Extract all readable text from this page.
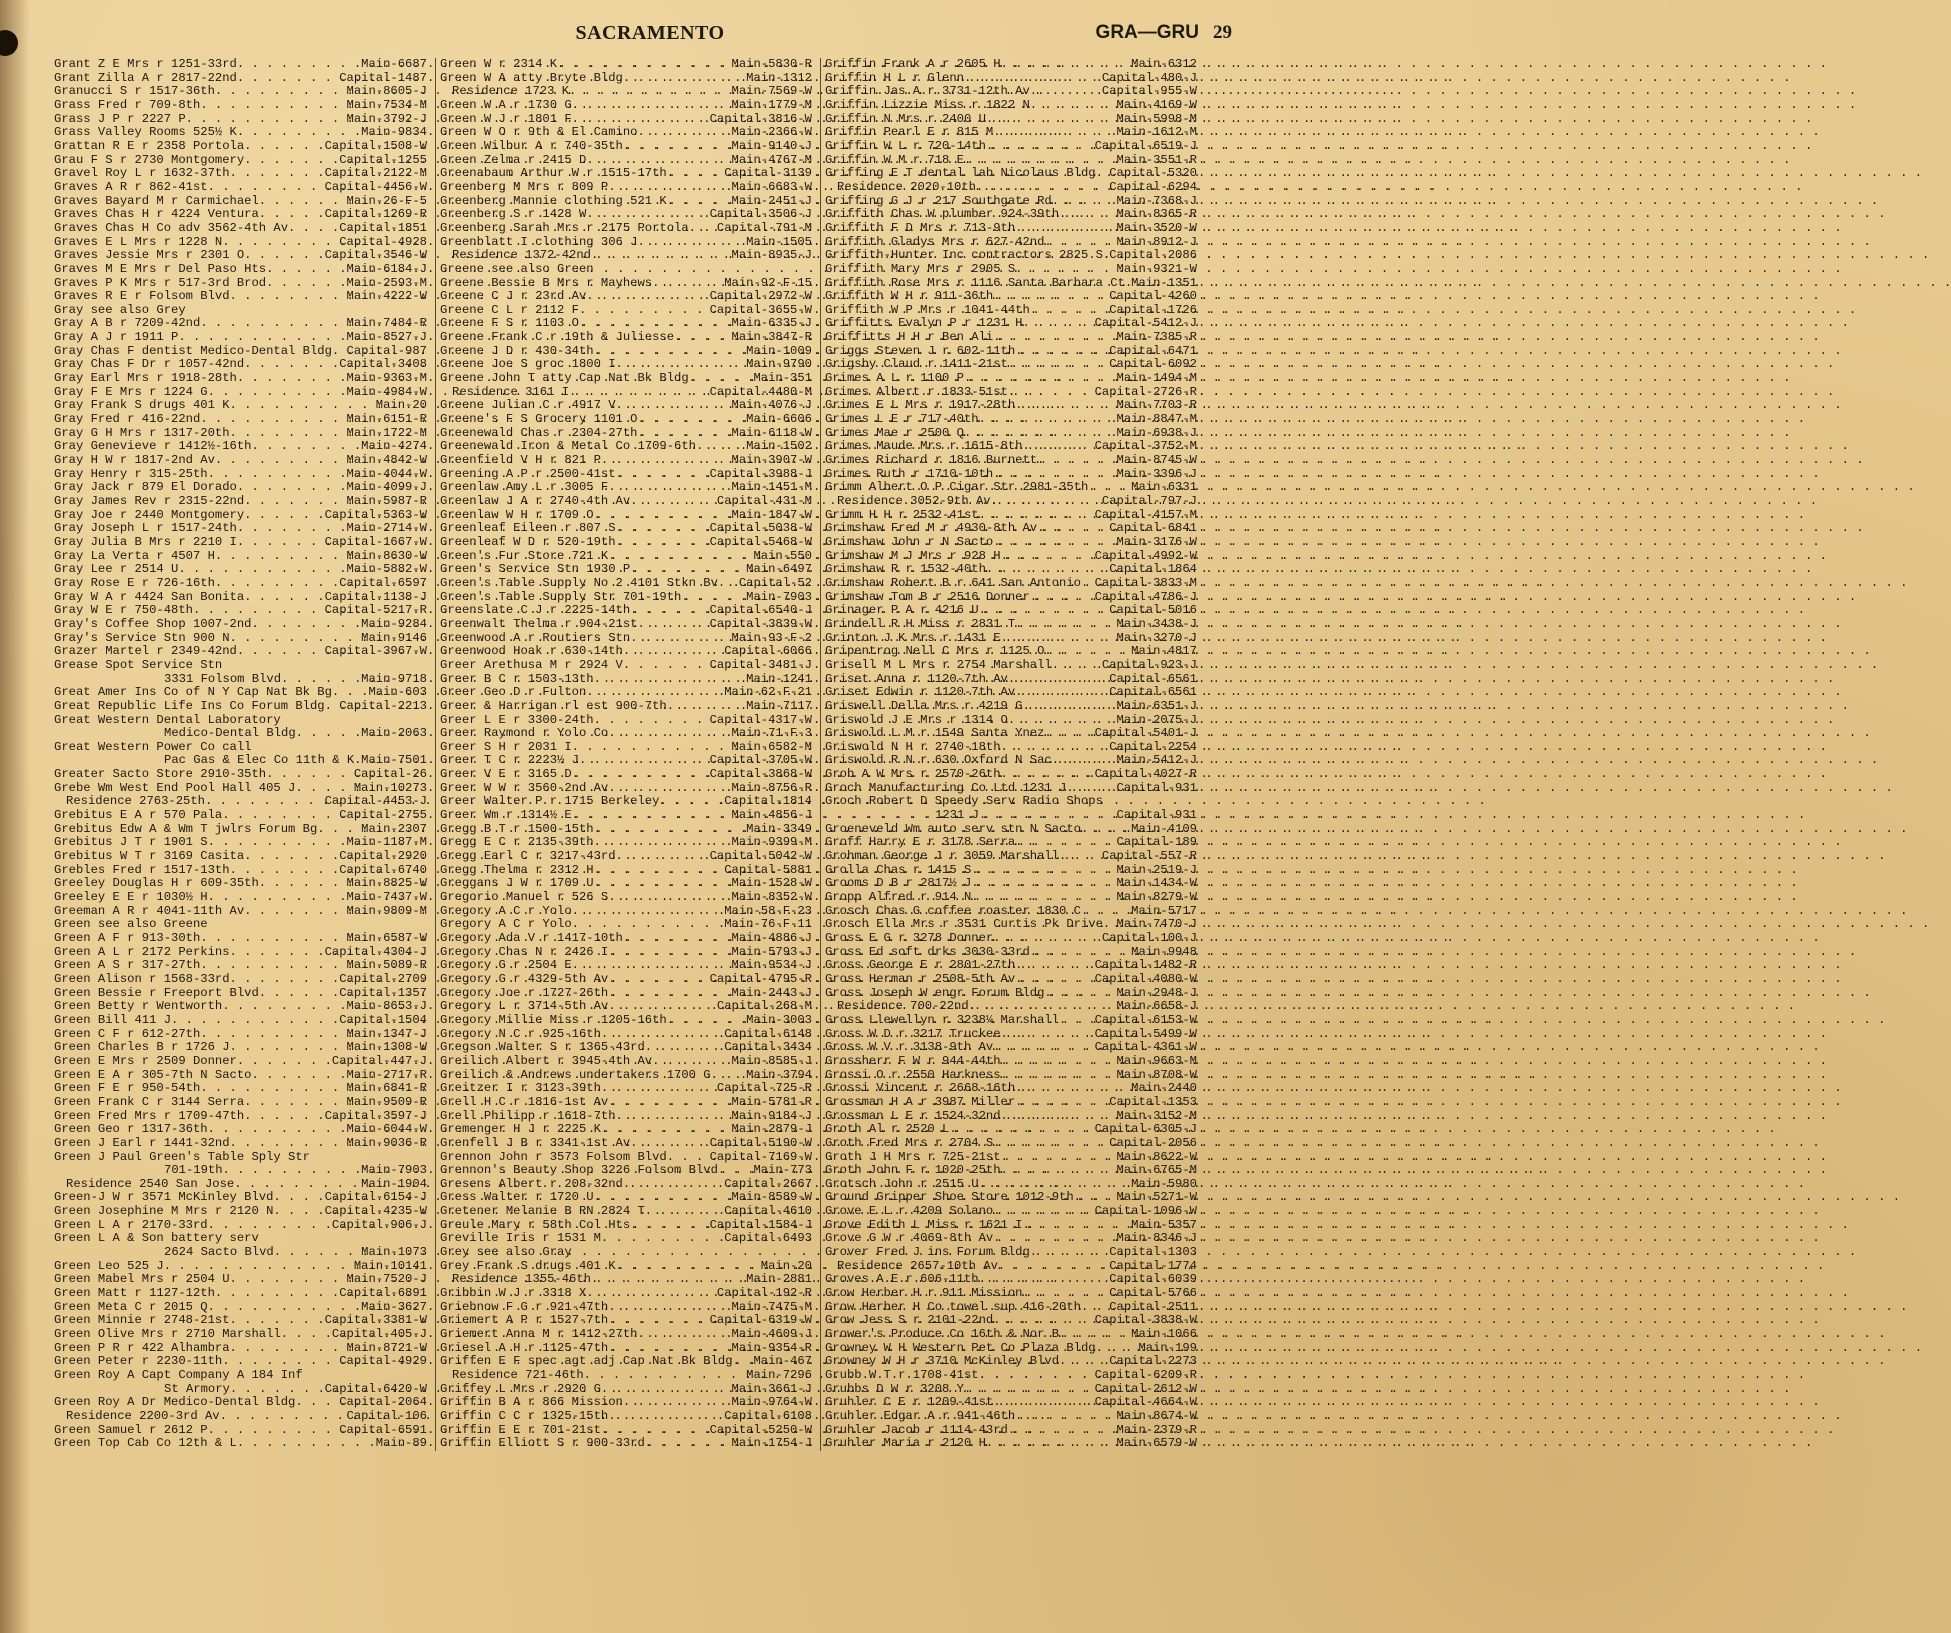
SACRAMENTO	GRA—GRU 29
Grant Z E Mrs r 1251-33rd . . .	Main-6687
Grant Zilla A r 2817-22nd . . .	Capital-1487
Granucci S r 1517-36th . . .	Main-8605-J
Grass Fred r 709-8th . . .	Main-7534-M
Grass J P r 2227 P . . .	Main-3792-J
Grass Valley Rooms 525½ K . . .	Main-9834
Grattan R E r 2358 Portola . . .	Capital-1508-W
Grau F S r 2730 Montgomery . . .	Capital-1255
Gravel Roy L r 1632-37th . . .	Capital-2122-M
Graves A R r 862-41st . . .	Capital-4456-W
Graves Bayard M r Carmichael . . .	Main-26-F-5
Graves Chas H r 4224 Ventura . . .	Capital-1269-R
Graves Chas H Co adv 3562-4th Av . . .	Capital-1851
Graves E L Mrs r 1228 N . . .	Capital-4928
Graves Jessie Mrs r 2301 O . . .	Capital-3546-W
Graves M E Mrs r Del Paso Hts . . .	Main-6184-J
Graves P K Mrs r 517-3rd Brod . . .	Main-2593-M
Graves R E r Folsom Blvd . . .	Main-4222-W
Gray see also Grey
Gray A B r 7209-42nd . . .	Main-7484-R
Gray A J r 1911 P . . .	Main-8527-J
Gray Chas F dentist Medico-Dental Bldg . . . Capital-987
Gray Chas F Dr r 1057-42nd . . .	Capital-3408
Gray Earl Mrs r 1918-28th . . .	Main-9363-M
Gray F E Mrs r 1224 G . . .	Main-4984-W
Gray Frank S drugs 401 K . . .	Main-20
Gray Fred r 416-22nd . . .	Main-6151-R
Gray G H Mrs r 1317-20th . . .	Main-1722-M
Gray Genevieve r 1412½-16th . . .	Main-4274
Gray H W r 1817-2nd Av . . .	Main-4842-W
Gray Henry r 315-25th . . .	Main-4044-W
Gray Jack r 879 El Dorado . . .	Main-4099-J
Gray James Rev r 2315-22nd . . .	Main-5987-R
Gray Joe r 2440 Montgomery . . .	Capital-5363-W
Gray Joseph L r 1517-24th . . .	Main-2714-W
Gray Julia B Mrs r 2210 I . . .	Capital-1667-W
Gray La Verta r 4507 H . . .	Main-8630-W
Gray Lee r 2514 U . . .	Main-5882-W
Gray Rose E r 726-16th . . .	Capital-6597
Gray W A r 4424 San Bonita . . .	Capital-1138-J
Gray W E r 750-48th . . .	Capital-5217-R
Gray's Coffee Shop 1007-2nd . . .	Main-9284
Gray's Service Stn 900 N . . .	Main-9146
Grazer Martel r 2349-42nd . . .	Capital-3967-W
Grease Spot Service Stn
3331 Folsom Blvd . . .	Main-9718
Great Amer Ins Co of N Y Cap Nat Bk Bg . . .	Main-603
Great Republic Life Ins Co Forum Bldg . . . Capital-2213
Great Western Dental Laboratory
Medico-Dental Bldg . . .	Main-2063
Great Western Power Co call
Pac Gas & Elec Co 11th & K . . . Main-7501
Greater Sacto Store 2910-35th . . .	Capital-26
Grebe Wm West End Pool Hall 405 J . . .	Main-10273
Residence 2763-25th . . .	Capital-4453-J
Grebitus E A r 570 Pala . . .	Capital-2755
Grebitus Edw A & Wm T jwlrs Forum Bg . . .	Main-2307
Grebitus J T r 1901 S . . .	Main-1187-M
Grebitus W T r 3169 Casita . . .	Capital-2920
Grebles Fred r 1517-13th . . .	Capital-6740
Greeley Douglas H r 609-35th . . .	Main-8825-W
Greeley E E r 1030½ H . . .	Main-7437-W
Greeman A R r 4041-11th Av . . .	Main-9809-M
Green see also Greene
Green A F r 913-30th . . .	Main-6587-W
Green A L r 2172 Perkins . . .	Capital-4304-J
Green A S r 317-27th . . .	Main-5089-R
Green Alison r 1568-33rd . . .	Capital-2709
Green Bessie r Freeport Blvd . . .	Capital-1357
Green Betty r Wentworth . . .	Main-8653-J
Green Bill 411 J . . .	Capital-1504
Green C F r 612-27th . . .	Main-1347-J
Green Charles B r 1726 J . . .	Main-1308-W
Green E Mrs r 2509 Donner . . .	Capital-447-J
Green E A r 305-7th N Sacto . . .	Main-2717-R
Green F E r 950-54th . . .	Main-6841-R
Green Frank C r 3144 Serra . . .	Main-9509-R
Green Fred Mrs r 1709-47th . . .	Capital-3597-J
Green Geo r 1317-36th . . .	Main-6044-W
Green J Earl r 1441-32nd . . .	Main-9036-R
Green J Paul Green's Table Sply Str
701-19th . . .	Main-7903
Residence 2540 San Jose . . .	Main-1904
Green-J W r 3571 McKinley Blvd . . .	Capital-6154-J
Green Josephine M Mrs r 2120 N . . .	Capital-4235-W
Green L A r 2170-33rd . . .	Capital-906-J
Green L A & Son battery serv
2624 Sacto Blvd . . .	Main-1073
Green Leo 525 J . . .	Main-10141
Green Mabel Mrs r 2504 U . . .	Main-7520-J
Green Matt r 1127-12th . . .	Capital-6891
Green Meta C r 2015 Q . . .	Main-3627
Green Minnie r 2748-21st . . .	Capital-3381-W
Green Olive Mrs r 2710 Marshall . . .	Capital-405-J
Green P R r 422 Alhambra . . .	Main-8721-W
Green Peter r 2230-11th . . .	Capital-4929
Green Roy A Capt Company A 184 Inf
St Armory . . .	Capital-6420-W
Green Roy A Dr Medico-Dental Bldg . . .	Capital-2064
Residence 2200-3rd Av . . .	Capital-106
Green Samuel r 2612 P . . .	Capital-6591
Green Top Cab Co 12th & L . . .	Main-89
Green W r 2314 K . . .	Main-5830-R
Green W A atty Bryte Bldg . . .	Main-1312
Residence 1723 K . . .	Main-7569-W
Green W A r 1730 G . . .	Main-1779-M
Green W J r 1801 F . . .	Capital-3816-W
Green W O r 9th & El Camino . . .	Main-2366-W
Green Wilbur A r 740-35th . . .	Main-9140-J
Green Zelma r 2415 D . . .	Main-4767-M
Greenabaum Arthur W r 1515-17th . . .	Capital-3139
Greenberg M Mrs r 809 P . . .	Main-6683-W
Greenberg Mannie clothing 521 K . . .	Main-2451-J
Greenberg S r 1428 W . . .	Capital-3506-J
Greenberg Sarah Mrs r 2175 Portola . . . Capital-791-M
Greenblatt I clothing 306 J . . .	Main-1505
Residence 1372-42nd . . .	Main-8935-J
Greene see also Green
Greene Bessie B Mrs r Mayhews . . .	Main-92-F-15
Greene C J r 23rd Av . . .	Capital-2972-W
Greene C L r 2112 F . . .	Capital-3655-W
Greene F S r 1103 O . . .	Main-6335-J
Greene Frank C r 19th & Juliesse . . .	Main-3847-R
Greene J D r 430-34th . . .	Main-1009
Greene Joe S groc 1800 I . . .	Main-9790
Greene John T atty Cap Nat Bk Bldg . . .	Main-351
Residence 3161 I . . .	Capital-4480-M
Greene Julian C r 4917 V . . .	Main-4076-J
Greene's F S Grocery 1101 O . . .	Main-6606
Greenewald Chas r 2304-27th . . .	Main-6118-W
Greenewald Iron & Metal Co 1709-6th . . .	Main-1502
Greenfield V H r 821 P . . .	Main-3907-W
Greening A P r 2500-41st . . .	Capital-3988-J
Greenlaw Amy L r 3005 F . . .	Main-1451-M
Greenlaw J A r 2740-4th Av . . .	Capital-431-M
Greenlaw W H r 1709 O . . .	Main-1847-W
Greenleaf Eileen r 807 S . . .	Capital-5038-W
Greenleaf W D r 520-19th . . .	Capital-5468-W
Green's Fur Store 721 K . . .	Main-550
Green's Service Stn 1930 P . . .	Main-6497
Green's Table Supply No 2 4101 Stkn Bv . . . Capital-52
Green's Table Supply Str 701-19th . . .	Main-7903
Greenslate C J r 2225-14th . . .	Capital-6540-J
Greenwalt Thelma r 904-21st . . .	Capital-3839-W
Greenwood A r Routiers Stn . . .	Main-93-F-2
Greenwood Hoak r 630-14th . . .	Capital-6066
Greer Arethusa M r 2924 V . . .	Capital-3481-J
Greer B C r 1503-13th . . .	Main-1241
Greer Geo D r Fulton . . .	Main-62-F-21
Greer & Harrigan rl est 900-7th . . .	Main-7117
Greer L E r 3300-24th . . .	Capital-4317-W
Greer Raymond r Yolo Co . . .	Main-71-F-3
Greer S H r 2031 I . . .	Main-6582-M
Greer T C r 2223½ J . . .	Capital-3705-W
Greer V E r 3165 D . . .	Capital-3868-W
Greer W W r 3560-2nd Av . . .	Main-8756-R
Greer Walter P r 1715 Berkeley . . .	Capital-1814
Greer Wm r 1314½ E . . .	Main-4856-J
Gregg B T r 1500-15th . . .	Main-3349
Gregg E C r 2135-39th . . .	Main-9399-M
Gregg Earl C r 3217-43rd . . .	Capital-5042-W
Gregg Thelma r 2312 H . . .	Capital-5881
Greggans J W r 1709 U . . .	Main-1528-W
Gregorio Manuel r 526 S . . .	Main-8352-W
Gregory A C r Yolo . . .	Main-58-F-23
Gregory A C r Yolo . . .	Main-76-F-11
Gregory Ada V r 1417-10th . . .	Main-4886-J
Gregory Chas N r 2426 I . . .	Main-5793-J
Gregory G r 2504 E . . .	Main-9534-J
Gregory G r 4329-5th Av . . .	Capital-4795-R
Gregory Joe r 1727-26th . . .	Main-2443-J
Gregory L r 3714-5th Av . . .	Capital-268-M
Gregory Millie Miss r 1205-16th . . .	Main-3003
Gregory N C r 925-16th . . .	Capital-6148
Gregson Walter S r 1365-43rd . . .	Capital-3434
Greilich Albert r 3945-4th Av . . .	Main-8585-J
Greilich & Andrews undertakers 1700 G . . .	Main-3794
Greitzer I r 3123-39th . . .	Capital-725-R
Grell H C r 1816-1st Av . . .	Main-5781-R
Grell Philipp r 1618-7th . . .	Main-9184-J
Gremenger H J r 2225 K . . .	Main-2879-J
Grenfell J B r 3341-1st Av . . .	Capital-5190-W
Grennon John r 3573 Folsom Blvd . . .	Capital-7169-W
Grennon's Beauty Shop 3226 Folsom Blvd . . .	Main-773
Gresens Albert r 208-32nd . . .	Capital-2667
Gress Walter r 1720 U . . .	Main-8589-W
Gretener Melanie B RN 2824 T . . .	Capital-4610
Greule Mary r 58th Col Hts . . .	Capital-1584-J
Greville Iris r 1531 M . . .	Capital-6493
Grey see also Gray
Grey Frank S drugs 401 K . . .	Main-20
Residence 1355-46th . . .	Main-2881
Gribbin W J r 3318 X . . .	Capital-192-R
Griebnow F G r 921-47th . . .	Main-7475-M
Griemert A P r 1527-7th . . .	Capital-6319-W
Griemert Anna M r 1412-27th . . .	Main-4609-J
Griesel A H r 1125-47th . . .	Main-9354-R
Griffen E F spec agt adj Cap Nat Bk Bldg . . . Main-467
Residence 721-46th . . .	Main-7296
Griffey L Mrs r 2920 G . . .	Main-3661-J
Griffin B A r 866 Mission . . .	Main-9764-W
Griffin C C r 1325-15th . . .	Capital-6108
Griffin E E r 701-21st . . .	Capital-5250-W
Griffin Elliott S r 900-33rd . . .	Main-1754-J
Griffin Frank A r 2605 H . . .	Main-6312
Griffin H L r Glenn . . .	Capital-480-J
Griffin Jas A r 3731-12th Av . . .	Capital-955-W
Griffin Lizzie Miss r 1822 N . . .	Main-4169-W
Griffin N Mrs r 2400 U . . .	Main-5998-M
Griffin Pearl E r 815 M . . .	Main-1612-M
Griffin W L r 720-14th . . .	Capital-6519-J
Griffin W M r 718 E . . .	Main-3551-R
Griffing E T dental lab Nicolaus Bldg . . . Capital-5320
Residence 2020-10th . . .	Capital-6294
Griffing G J r 217 Southgate Rd . . .	Main-7368-J
Griffith Chas W plumber 924-39th . . .	Main-8365-R
Griffith F D Mrs r 713-9th . . .	Main-3520-W
Griffith Gladys Mrs r 627-42nd . . .	Main-8912-J
Griffith-Hunter Inc contractors 2825 S . . . Capital-2086
Griffith Mary Mrs r 2905 S . . .	Main-9321-W
Griffith Rose Mrs r 1116 Santa Barbara Ct . . . Main-1351
Griffith W H r 911-36th . . .	Capital-4260
Griffith W P Mrs r 1041-44th . . .	Capital-1726
Griffitts Evalyn P r 1231 H . . .	Capital-5412-J
Griffitts H H r Ben Ali . . .	Main-7385-R
Griggs Steven J r 602-11th . . .	Capital-6471
Grigsby Claud r 1411-21st . . .	Capital-6092
Grimes A L r 1100 P . . .	Main-1494-M
Grimes Albert r 1833-51st . . .	Capital-2726-R
Grimes E L Mrs r 1917-28th . . .	Main-7703-R
Grimes L E r 717-40th . . .	Main-8847-M
Grimes Mae r 2500 Q . . .	Main-6938-J
Grimes Maude Mrs r 1615-8th . . .	Capital-3752-M
Grimes Richard r 1816 Burnett . . .	Main-8745-W
Grimes Ruth r 1710-10th . . .	Main-3396-J
Grimm Albert O P Cigar Str 2981-35th . . .	Main-6331
Residence 3052-9th Av . . .	Capital-797-J
Grimm H H r 2532-41st . . .	Capital-4157-M
Grimshaw Fred M r 4930-8th Av . . .	Capital-6841
Grimshaw John r N Sacto . . .	Main-3176-W
Grimshaw M J Mrs r 928 H . . .	Capital-4992-W
Grimshaw R r 1532-40th . . .	Capital-1864
Grimshaw Robert B r 641 San Antonio . . . Capital-3833-M
Grimshaw Tom B r 2516 Donner . . .	Capital-4786-J
Grinager P A r 4216 U . . .	Capital-5016
Grindell R H Miss r 2831 T . . .	Main-3438-J
Grinton J K Mrs r 1431 E . . .	Main-3270-J
Gripentrog Nell C Mrs r 1125 O . . .	Main-4817
Grisell M L Mrs r 2754 Marshall . . .	Capital-923-J
Griset Anna r 1120-7th Av . . .	Capital-6561
Griset Edwin r 1120-7th Av . . .	Capital-6561
Griswell Della Mrs r 4219 G . . .	Main-6351-J
Griswold J E Mrs r 1314 O . . .	Main-2075-J
Griswold L M r 1549 Santa Ynez . . .	Capital-5401-J
Griswold N H r 2740-18th . . .	Capital-2254
Griswold R N r 630 Oxford N Sac . . .	Main-5412-J
Grob A W Mrs r 2570-26th . . .	Capital-4027-R
Groch Manufacturing Co Ltd 1231 J . . .	Capital-931
Groch Robert D Speedy Serv Radio Shops
1231 J . . .	Capital-931
Groeneveld Wm auto serv stn N Sacto . . .	Main-4109
Groff Harry E r 3178 Serra . . .	Capital-189
Grohman George J r 3059 Marshall . . .	Capital-557-R
Grolla Chas r 1415 S . . .	Main-2519-J
Grooms D B r 2817½ J . . .	Main-1434-W
Gropp Alfred r 914 N . . .	Main-8279-W
Grosch Chas G coffee roaster 1830 C . . .	Main-5717
Grosch Ella Mrs r 3531 Curtis Pk Drive . . . Main-7470-J
Gross E G r 3278 Donner . . .	Capital-100-J
Gross Ed soft drks 3030-33rd . . .	Main-9948
Gross George E r 2801-27th . . .	Capital-1482-R
Gross Herman r 2508-5th Av . . .	Capital-4080-W
Gross Joseph W engr Forum Bldg . . .	Main-2948-J
Residence 700-22nd . . .	Main-6658-J
Gross Llewellyn r 3238¼ Marshall . . .	Capital-6153-W
Gross W D r 3217 Truckee . . .	Capital-5499-W
Gross W V r 3138-9th Av . . .	Capital-4361-W
Grossherr F W r 944-44th . . .	Main-9663-M
Grossi O r 2550 Harkness . . .	Main-8708-W
Grossi Vincent r 2668-16th . . .	Main-2440
Grossman H A r 3987 Miller . . .	Capital-1353
Grossman L E r 1524-32nd . . .	Main-3152-M
Groth Al r 2520 L . . .	Capital-6305-J
Groth Fred Mrs r 2704 S . . .	Capital-2056
Groth J H Mrs r 725-21st . . .	Main-8622-W
Groth John F r 1020-25th . . .	Main-6765-M
Grotsch John r 2515 U . . .	Main-5980
Ground Gripper Shoe Store 1012-9th . . .	Main-5271-W
Grove E L r 4209 Solano . . .	Capital-1096-W
Grove Edith L Miss r 1621 I . . .	Main-5357
Grove G W r 4069-8th Av . . .	Main-8346-J
Grover Fred J ins Forum Bldg . . .	Capital-1303
Residence 2657-10th Av . . .	Capital-1774
Groves A E r 606-11th . . .	Capital-6039
Grow Herber H r 911 Mission . . .	Capital-5766
Grow Herber H Co towel sup 416-20th . . . Capital-2511
Grow Jess S r 2101-22nd . . .	Capital-3838-W
Grower's Produce Co 16th & Nor B . . .	Main-1066
Growney W H Western Pet Co Plaza Bldg . . .	Main-199
Growney W H r 3710 McKinley Blvd . . .	Capital-2273
Grubb W T r 1708-41st . . .	Capital-6209-R
Grubbs D W r 3208 Y . . .	Capital-2612-W
Gruhler C E r 1209-41st . . .	Capital-4664-W
Gruhler Edgar A r 941-46th . . .	Main-8674-W
Gruhler Jacob r 1114-43rd . . .	Main-2379-R
Gruhler Maria r 2120 H . . .	Main-6579-W
